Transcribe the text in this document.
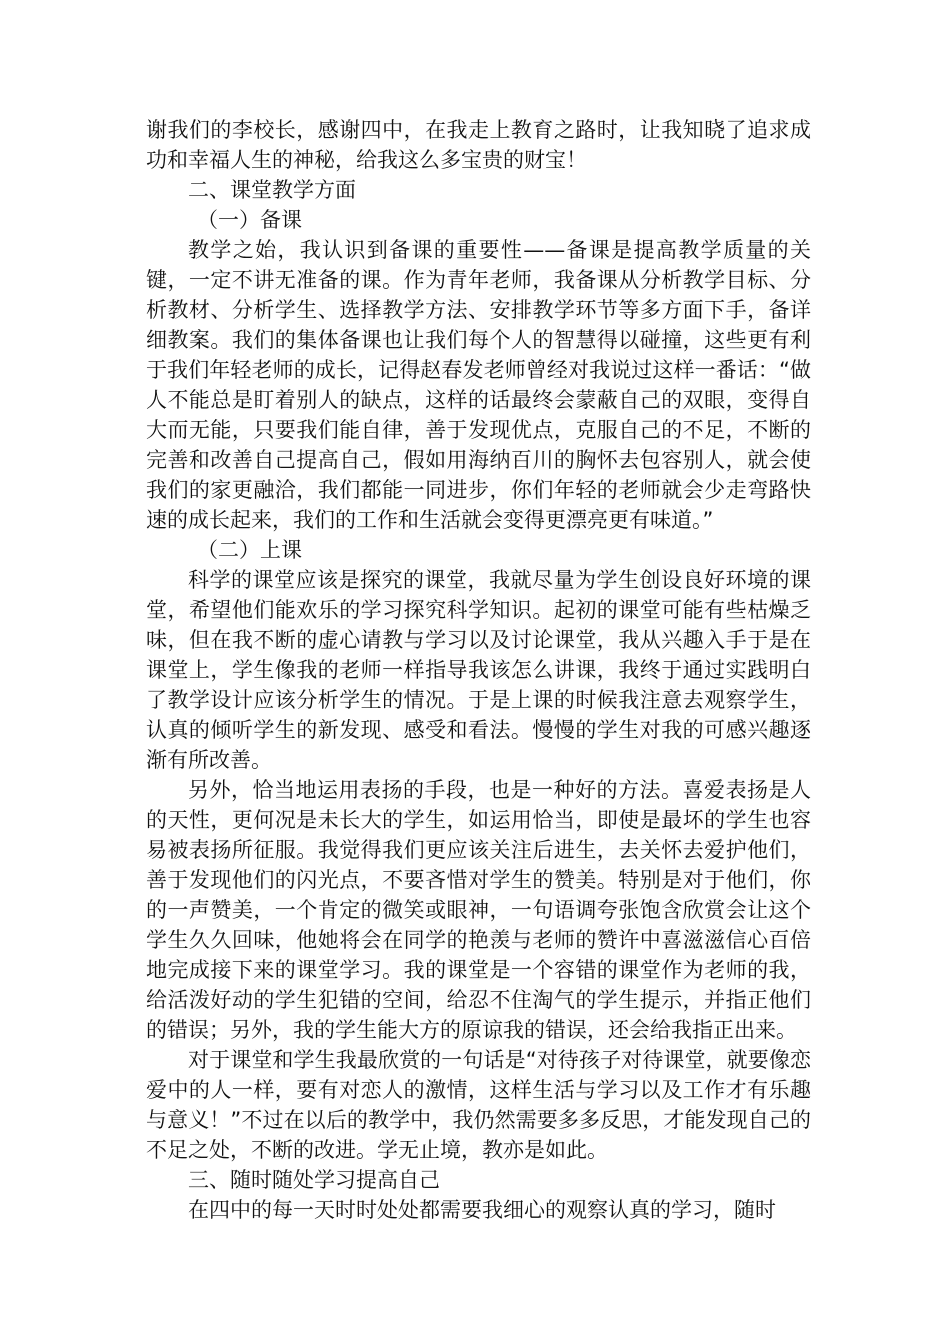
谢我们的李校长，感谢四中，在我走上教育之路时，让我知晓了追求成功和幸福人生的神秘，给我这么多宝贵的财宝！

二、课堂教学方面

（一）备课

教学之始，我认识到备课的重要性——备课是提高教学质量的关键，一定不讲无准备的课。作为青年老师，我备课从分析教学目标、分析教材、分析学生、选择教学方法、安排教学环节等多方面下手，备详细教案。我们的集体备课也让我们每个人的智慧得以碰撞，这些更有利于我们年轻老师的成长，记得赵春发老师曾经对我说过这样一番话：“做人不能总是盯着别人的缺点，这样的话最终会蒙蔽自己的双眼，变得自大而无能，只要我们能自律，善于发现优点，克服自己的不足，不断的完善和改善自己提高自己，假如用海纳百川的胸怀去包容别人，就会使我们的家更融洽，我们都能一同进步，你们年轻的老师就会少走弯路快速的成长起来，我们的工作和生活就会变得更漂亮更有味道。”

（二）上课

科学的课堂应该是探究的课堂，我就尽量为学生创设良好环境的课堂，希望他们能欢乐的学习探究科学知识。起初的课堂可能有些枯燥乏味，但在我不断的虚心请教与学习以及讨论课堂，我从兴趣入手于是在课堂上，学生像我的老师一样指导我该怎么讲课，我终于通过实践明白了教学设计应该分析学生的情况。于是上课的时候我注意去观察学生，认真的倾听学生的新发现、感受和看法。慢慢的学生对我的可感兴趣逐渐有所改善。

另外，恰当地运用表扬的手段，也是一种好的方法。喜爱表扬是人的天性，更何况是未长大的学生，如运用恰当，即使是最坏的学生也容易被表扬所征服。我觉得我们更应该关注后进生，去关怀去爱护他们，善于发现他们的闪光点，不要吝惜对学生的赞美。特别是对于他们，你的一声赞美，一个肯定的微笑或眼神，一句语调夸张饱含欣赏会让这个学生久久回味，他她将会在同学的艳羡与老师的赞许中喜滋滋信心百倍地完成接下来的课堂学习。我的课堂是一个容错的课堂作为老师的我，给活泼好动的学生犯错的空间，给忍不住淘气的学生提示，并指正他们的错误；另外，我的学生能大方的原谅我的错误，还会给我指正出来。

对于课堂和学生我最欣赏的一句话是“对待孩子对待课堂，就要像恋爱中的人一样，要有对恋人的激情，这样生活与学习以及工作才有乐趣与意义！”不过在以后的教学中，我仍然需要多多反思，才能发现自己的不足之处，不断的改进。学无止境，教亦是如此。

三、随时随处学习提高自己

在四中的每一天时时处处都需要我细心的观察认真的学习，随时
